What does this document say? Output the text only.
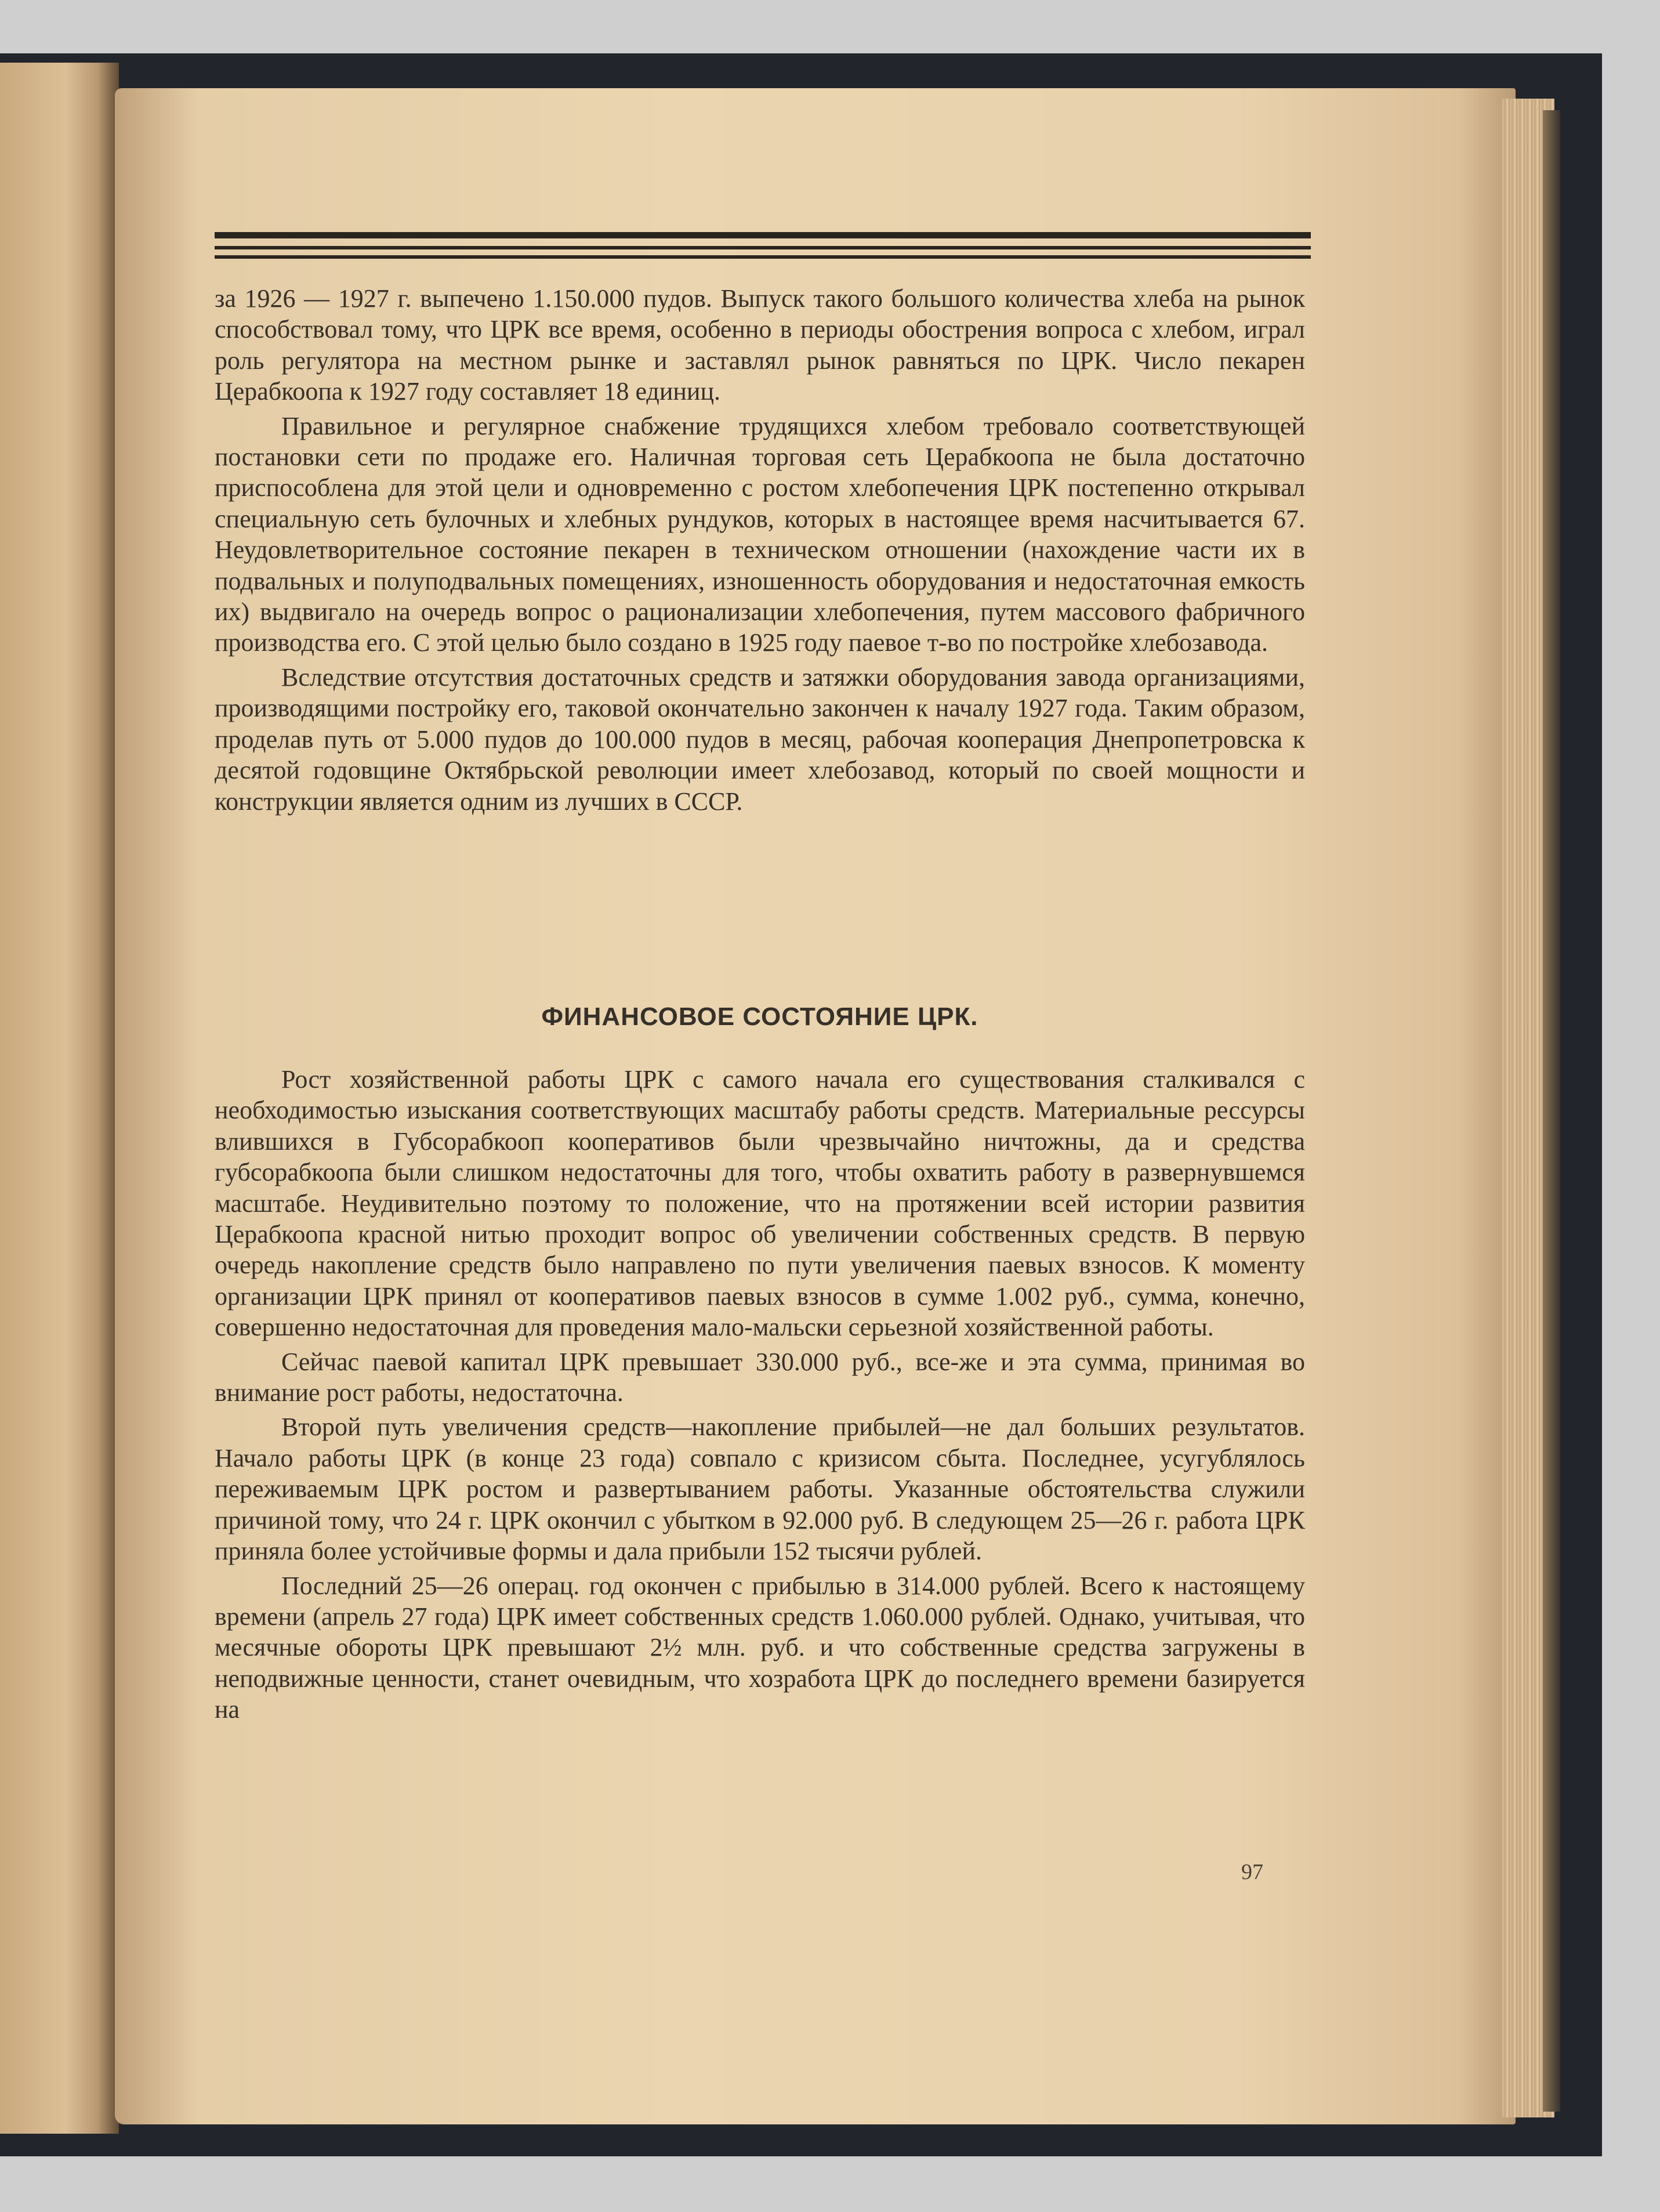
за 1926 — 1927 г. выпечено 1.150.000 пудов. Выпуск такого большого количества хлеба на рынок способствовал тому, что ЦРК все время, особенно в периоды обострения вопроса с хлебом, играл роль регулятора на местном рынке и заставлял рынок равняться по ЦРК. Число пекарен Церабкоопа к 1927 году составляет 18 единиц.

Правильное и регулярное снабжение трудящихся хлебом требовало соответствующей постановки сети по продаже его. Наличная торговая сеть Церабкоопа не была достаточно приспособлена для этой цели и одновременно с ростом хлебопечения ЦРК постепенно открывал специальную сеть булочных и хлебных рундуков, которых в настоящее время насчитывается 67. Неудовлетворительное состояние пекарен в техническом отношении (нахождение части их в подвальных и полуподвальных помещениях, изношенность оборудования и недостаточная емкость их) выдвигало на очередь вопрос о рационализации хлебопечения, путем массового фабричного производства его. С этой целью было создано в 1925 году паевое т-во по постройке хлебозавода.

Вследствие отсутствия достаточных средств и затяжки оборудования завода организациями, производящими постройку его, таковой окончательно закончен к началу 1927 года. Таким образом, проделав путь от 5.000 пудов до 100.000 пудов в месяц, рабочая кооперация Днепропетровска к десятой годовщине Октябрьской революции имеет хлебозавод, который по своей мощности и конструкции является одним из лучших в СССР.

ФИНАНСОВОЕ СОСТОЯНИЕ ЦРК.

Рост хозяйственной работы ЦРК с самого начала его существования сталкивался с необходимостью изыскания соответствующих масштабу работы средств. Материальные рессурсы влившихся в Губсорабкооп кооперативов были чрезвычайно ничтожны, да и средства губсорабкоопа были слишком недостаточны для того, чтобы охватить работу в развернувшемся масштабе. Неудивительно поэтому то положение, что на протяжении всей истории развития Церабкоопа красной нитью проходит вопрос об увеличении собственных средств. В первую очередь накопление средств было направлено по пути увеличения паевых взносов. К моменту организации ЦРК принял от кооперативов паевых взносов в сумме 1.002 руб., сумма, конечно, совершенно недостаточная для проведения мало-мальски серьезной хозяйственной работы.

Сейчас паевой капитал ЦРК превышает 330.000 руб., все-же и эта сумма, принимая во внимание рост работы, недостаточна.

Второй путь увеличения средств—накопление прибылей—не дал больших результатов. Начало работы ЦРК (в конце 23 года) совпало с кризисом сбыта. Последнее, усугублялось переживаемым ЦРК ростом и развертыванием работы. Указанные обстоятельства служили причиной тому, что 24 г. ЦРК окончил с убытком в 92.000 руб. В следующем 25—26 г. работа ЦРК приняла более устойчивые формы и дала прибыли 152 тысячи рублей.

Последний 25—26 операц. год окончен с прибылью в 314.000 рублей. Всего к настоящему времени (апрель 27 года) ЦРК имеет собственных средств 1.060.000 рублей. Однако, учитывая, что месячные обороты ЦРК превышают 2½ млн. руб. и что собственные средства загружены в неподвижные ценности, станет очевидным, что хозработа ЦРК до последнего времени базируется на

97
